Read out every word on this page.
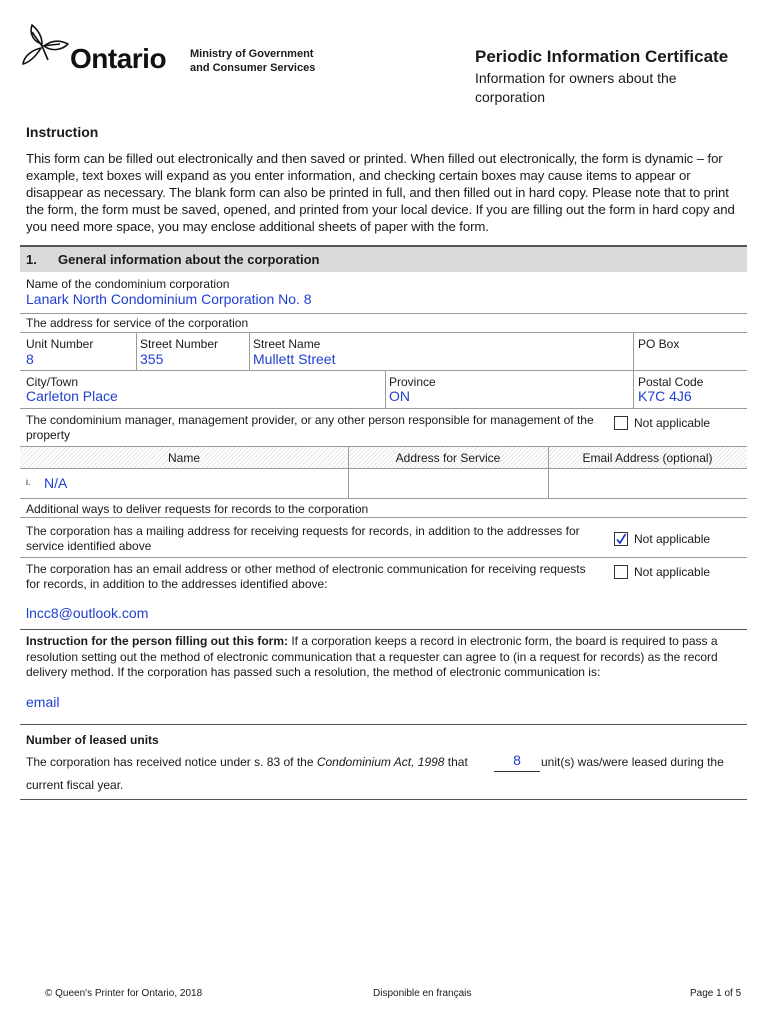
Ontario Ministry of Government
and Consumer Services
Periodic Information Certificate
Information for owners about the corporation
Instruction
This form can be filled out electronically and then saved or printed. When filled out electronically, the form is dynamic – for example, text boxes will expand as you enter information, and checking certain boxes may cause items to appear or disappear as necessary. The blank form can also be printed in full, and then filled out in hard copy. Please note that to print the form, the form must be saved, opened, and printed from your local device. If you are filling out the form in hard copy and you need more space, you may enclose additional sheets of paper with the form.
1. General information about the corporation
Name of the condominium corporation
Lanark North Condominium Corporation No. 8
The address for service of the corporation
Unit Number
8
Street Number
355
Street Name
Mullett Street
PO Box
City/Town
Carleton Place
Province
ON
Postal Code
K7C 4J6
The condominium manager, management provider, or any other person responsible for management of the property
Not applicable
Name	Address for Service	Email Address (optional)
i. N/A
Additional ways to deliver requests for records to the corporation
The corporation has a mailing address for receiving requests for records, in addition to the addresses for service identified above	Not applicable
The corporation has an email address or other method of electronic communication for receiving requests for records, in addition to the addresses identified above:
Not applicable
lncc8@outlook.com
Instruction for the person filling out this form: If a corporation keeps a record in electronic form, the board is required to pass a resolution setting out the method of electronic communication that a requester can agree to (in a request for records) as the record delivery method. If the corporation has passed such a resolution, the method of electronic communication is:
email
Number of leased units
The corporation has received notice under s. 83 of the Condominium Act, 1998 that	8	unit(s) was/were leased during the
current fiscal year.
© Queen's Printer for Ontario, 2018	Disponible en français	Page 1 of 5
